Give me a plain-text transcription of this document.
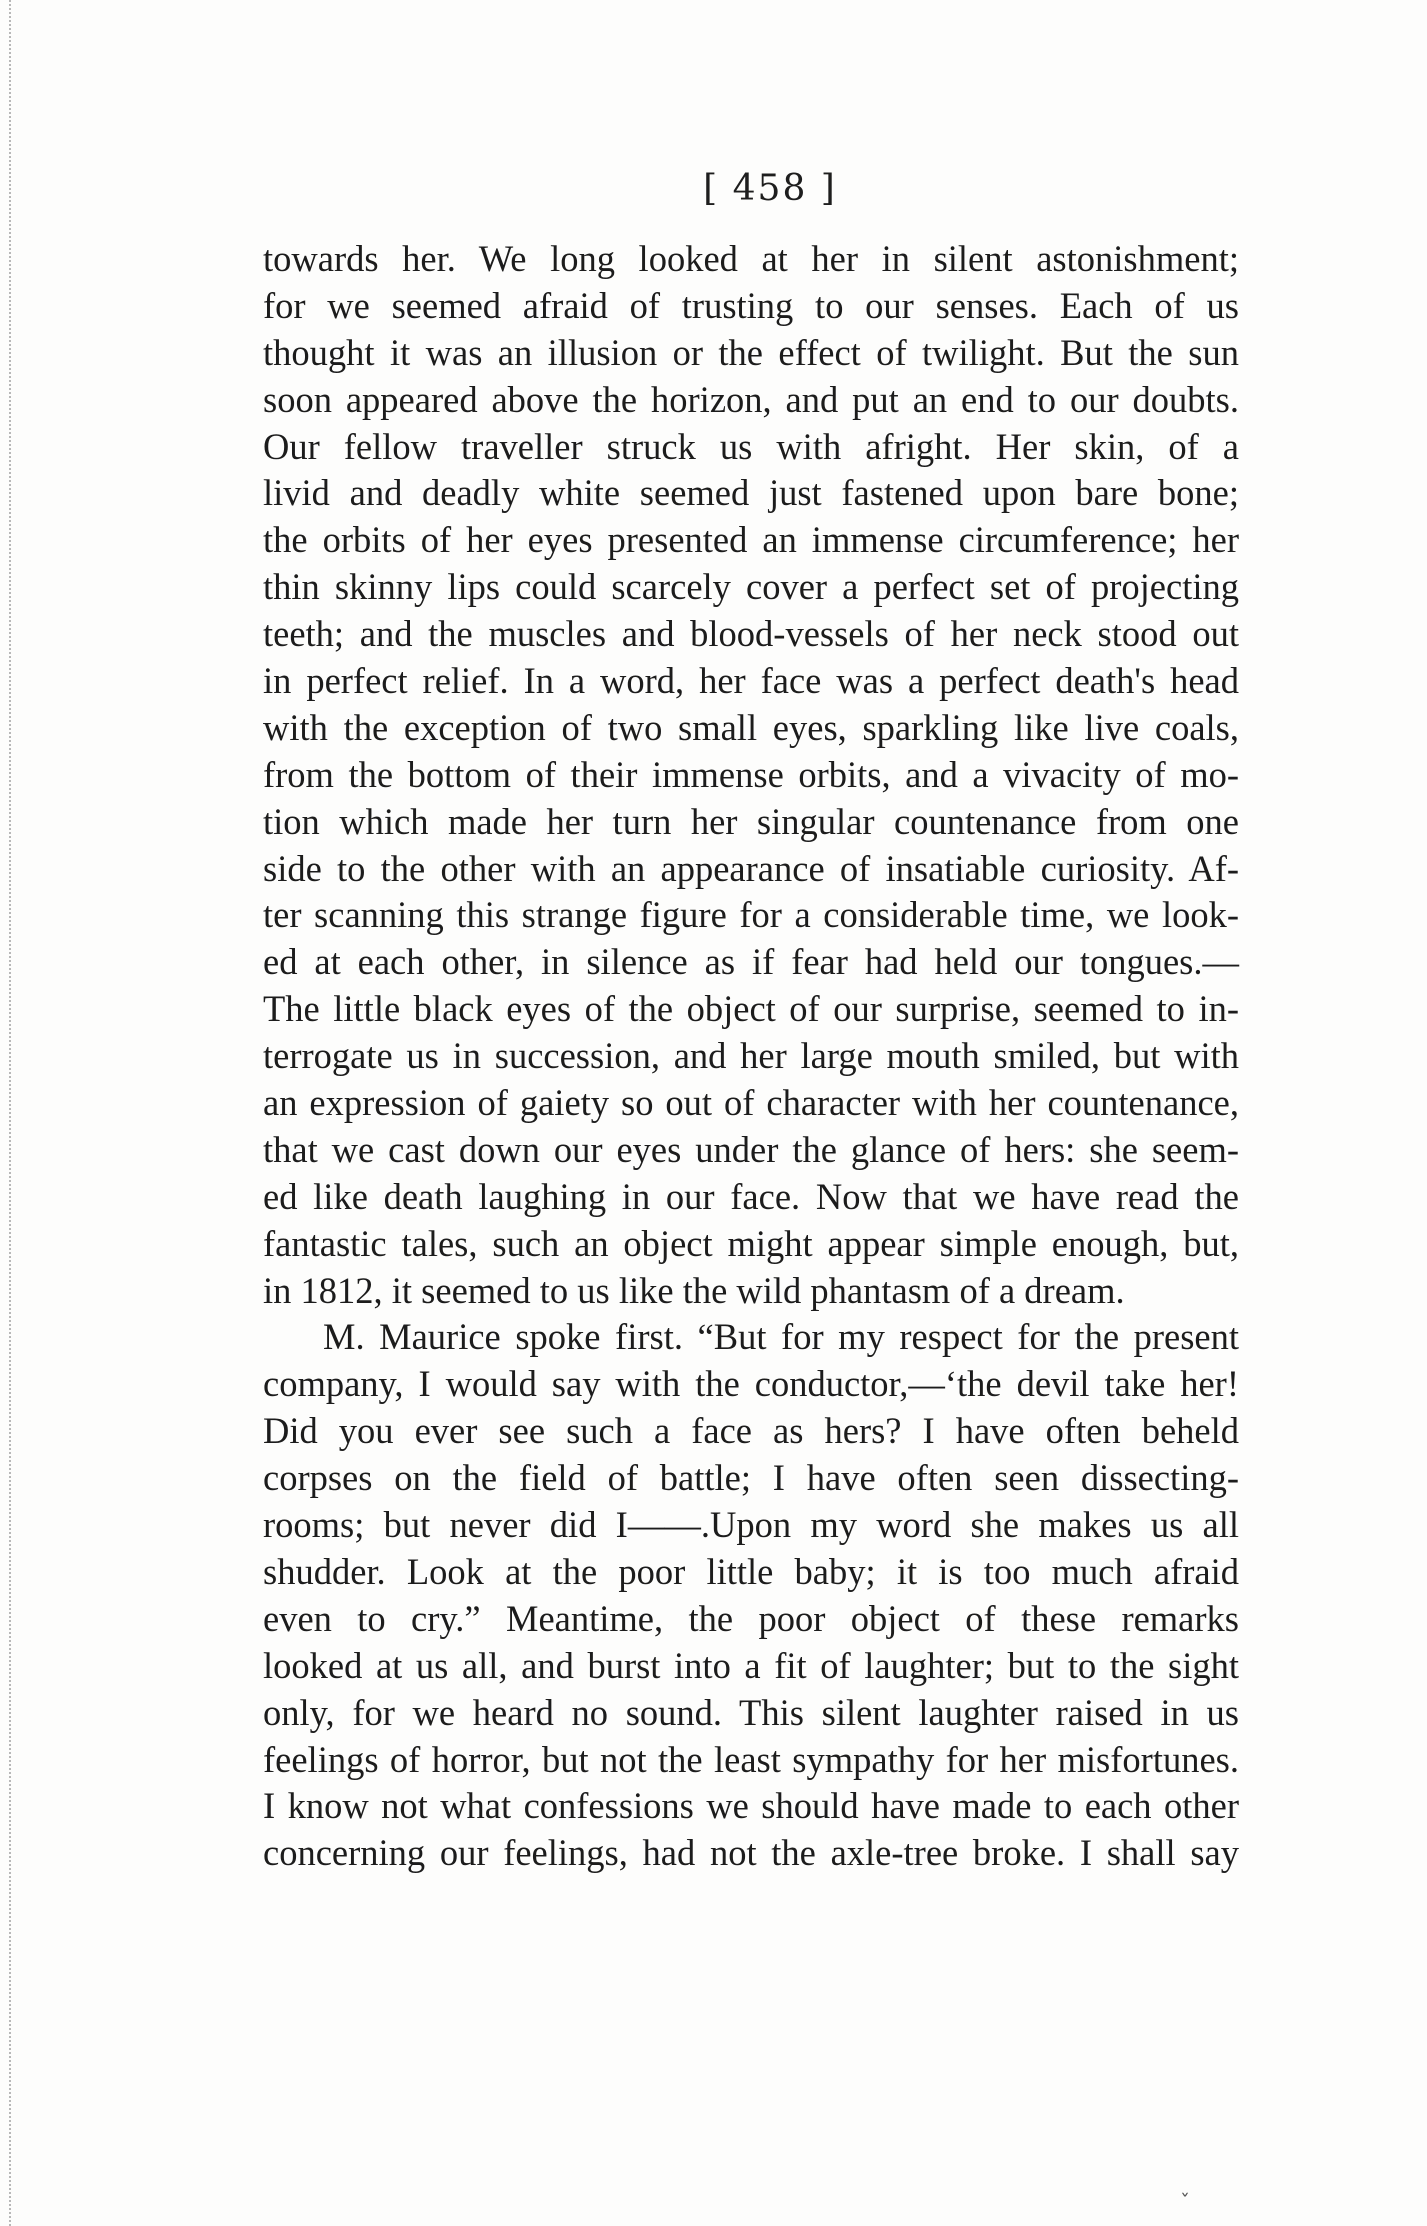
[ 458 ]
towards her. We long looked at her in silent astonishment;
for we seemed afraid of trusting to our senses. Each of us
thought it was an illusion or the effect of twilight. But the sun
soon appeared above the horizon, and put an end to our doubts.
Our fellow traveller struck us with afright. Her skin, of a
livid and deadly white seemed just fastened upon bare bone;
the orbits of her eyes presented an immense circumference; her
thin skinny lips could scarcely cover a perfect set of projecting
teeth; and the muscles and blood-vessels of her neck stood out
in perfect relief. In a word, her face was a perfect death's head
with the exception of two small eyes, sparkling like live coals,
from the bottom of their immense orbits, and a vivacity of mo-
tion which made her turn her singular countenance from one
side to the other with an appearance of insatiable curiosity. Af-
ter scanning this strange figure for a considerable time, we look-
ed at each other, in silence as if fear had held our tongues.—
The little black eyes of the object of our surprise, seemed to in-
terrogate us in succession, and her large mouth smiled, but with
an expression of gaiety so out of character with her countenance,
that we cast down our eyes under the glance of hers: she seem-
ed like death laughing in our face. Now that we have read the
fantastic tales, such an object might appear simple enough, but,
in 1812, it seemed to us like the wild phantasm of a dream.
M. Maurice spoke first. “But for my respect for the present
company, I would say with the conductor,—‘the devil take her!
Did you ever see such a face as hers? I have often beheld
corpses on the field of battle; I have often seen dissecting-
rooms; but never did I——.Upon my word she makes us all
shudder. Look at the poor little baby; it is too much afraid
even to cry.” Meantime, the poor object of these remarks
looked at us all, and burst into a fit of laughter; but to the sight
only, for we heard no sound. This silent laughter raised in us
feelings of horror, but not the least sympathy for her misfortunes.
I know not what confessions we should have made to each other
concerning our feelings, had not the axle-tree broke. I shall say
ˇ
